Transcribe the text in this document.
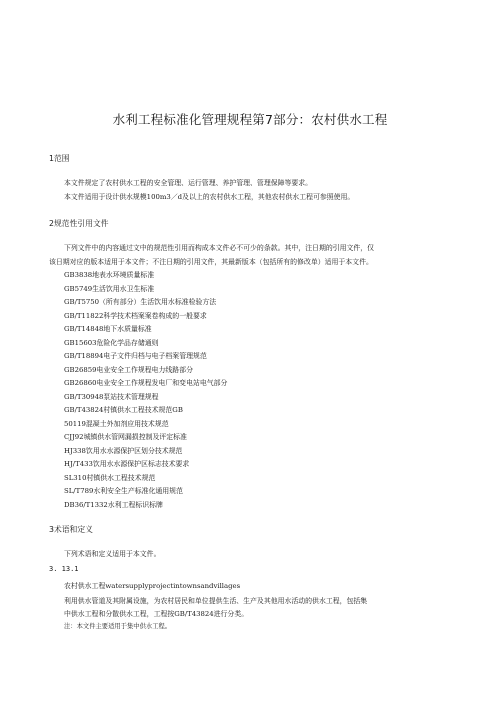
水利工程标准化管理规程第7部分：农村供水工程
1范围
本文件规定了农村供水工程的安全管理、运行管理、养护管理、管理保障等要求。
本文件适用于设计供水规模100m3／d及以上的农村供水工程，其他农村供水工程可参照使用。
2规范性引用文件
下列文件中的内容通过文中的规范性引用而构成本文件必不可少的条款。其中，注日期的引用文件，仅
该日期对应的版本适用于本文件；不注日期的引用文件，其最新版本（包括所有的修改单）适用于本文件。
GB3838地表水环境质量标准
GB5749生活饮用水卫生标准
GB/T5750（所有部分）生活饮用水标准检验方法
GB/T11822科学技术档案案卷构成的一般要求
GB/T14848地下水质量标准
GB15603危险化学品存储通则
GB/T18894电子文件归档与电子档案管理规范
GB26859电业安全工作规程电力线路部分
GB26860电业安全工作规程发电厂和变电站电气部分
GB/T30948泵站技术管理规程
GB/T43824村镇供水工程技术规范GB
50119混凝土外加剂应用技术规范
CJJ92城镇供水管网漏损控制及评定标准
HJ338饮用水水源保护区划分技术规范
HJ/T433饮用水水源保护区标志技术要求
SL310村镇供水工程技术规范
SL/T789水利安全生产标准化通用规范
DB36/T1332水利工程标识标牌
3术语和定义
下列术语和定义适用于本文件。
3. 13.1
农村供水工程watersupplyprojectintownsandvillages
利用供水管道及其附属设施，为农村居民和单位提供生活、生产及其他用水活动的供水工程，包括集
中供水工程和分散供水工程，工程按GB/T43824进行分类。
注：本文件主要适用于集中供水工程。
